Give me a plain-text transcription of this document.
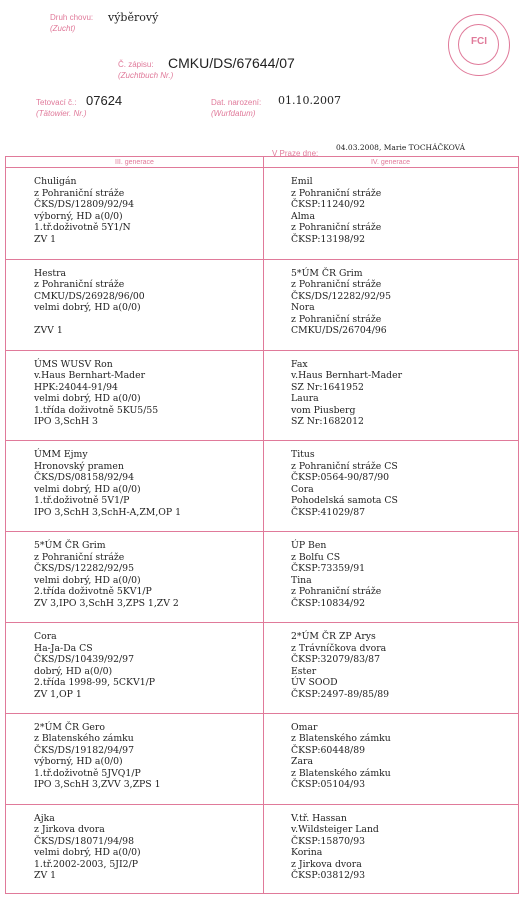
Druh chovu:
(Zucht)
výběrový
Č. zápisu:
(Zuchtbuch Nr.)
CMKU/DS/67644/07
Tetovací č.:
(Tätowier. Nr.)
07624	Dat. narození:
(Wurfdatum)
01.10.2007
V Praze dne:
04.03.2008, Marie TOCHÁČKOVÁ
FCI
III. generace	IV. generace
Chuligán
z Pohraniční stráže
ČKS/DS/12809/92/94
výborný, HD a(0/0)
1.tř.doživotně 5Y1/N
ZV 1
Emil
z Pohraniční stráže
ČKSP:11240/92
Alma
z Pohraniční stráže
ČKSP:13198/92
Hestra
z Pohraniční stráže
CMKU/DS/26928/96/00
velmi dobrý, HD a(0/0)
ZVV 1
5*ÚM ČR Grim
z Pohraniční stráže
ČKS/DS/12282/92/95
Nora
z Pohraniční stráže
CMKU/DS/26704/96
ÚMS WUSV Ron
v.Haus Bernhart-Mader
HPK:24044-91/94
velmi dobrý, HD a(0/0)
1.třída doživotně 5KU5/55
IPO 3,SchH 3
Fax
v.Haus Bernhart-Mader
SZ Nr:1641952
Laura
vom Piusberg
SZ Nr:1682012
ÚMM Ejmy
Hronovský pramen
ČKS/DS/08158/92/94
velmi dobrý, HD a(0/0)
1.tř.doživotně 5V1/P
IPO 3,SchH 3,SchH-A,ZM,OP 1
Titus
z Pohraniční stráže CS
ČKSP:0564-90/87/90
Cora
Pohodelská samota CS
ČKSP:41029/87
5*ÚM ČR Grim
z Pohraniční stráže
ČKS/DS/12282/92/95
velmi dobrý, HD a(0/0)
2.třída doživotně 5KV1/P
ZV 3,IPO 3,SchH 3,ZPS 1,ZV 2
ÚP Ben
z Bolfu CS
ČKSP:73359/91
Tina
z Pohraniční stráže
ČKSP:10834/92
Cora
Ha-Ja-Da CS
ČKS/DS/10439/92/97
dobrý, HD a(0/0)
2.třída 1998-99, 5CKV1/P
ZV 1,OP 1
2*ÚM ČR ZP Arys
z Trávníčkova dvora
ČKSP:32079/83/87
Ester
ÚV SOOD
ČKSP:2497-89/85/89
2*ÚM ČR Gero
z Blatenského zámku
ČKS/DS/19182/94/97
výborný, HD a(0/0)
1.tř.doživotně 5JVQ1/P
IPO 3,SchH 3,ZVV 3,ZPS 1
Omar
z Blatenského zámku
ČKSP:60448/89
Zara
z Blatenského zámku
ČKSP:05104/93
Ajka
z Jirkova dvora
ČKS/DS/18071/94/98
velmi dobrý, HD a(0/0)
1.tř.2002-2003, 5JI2/P
ZV 1
V.tř. Hassan
v.Wildsteiger Land
ČKSP:15870/93
Korina
z Jirkova dvora
ČKSP:03812/93
